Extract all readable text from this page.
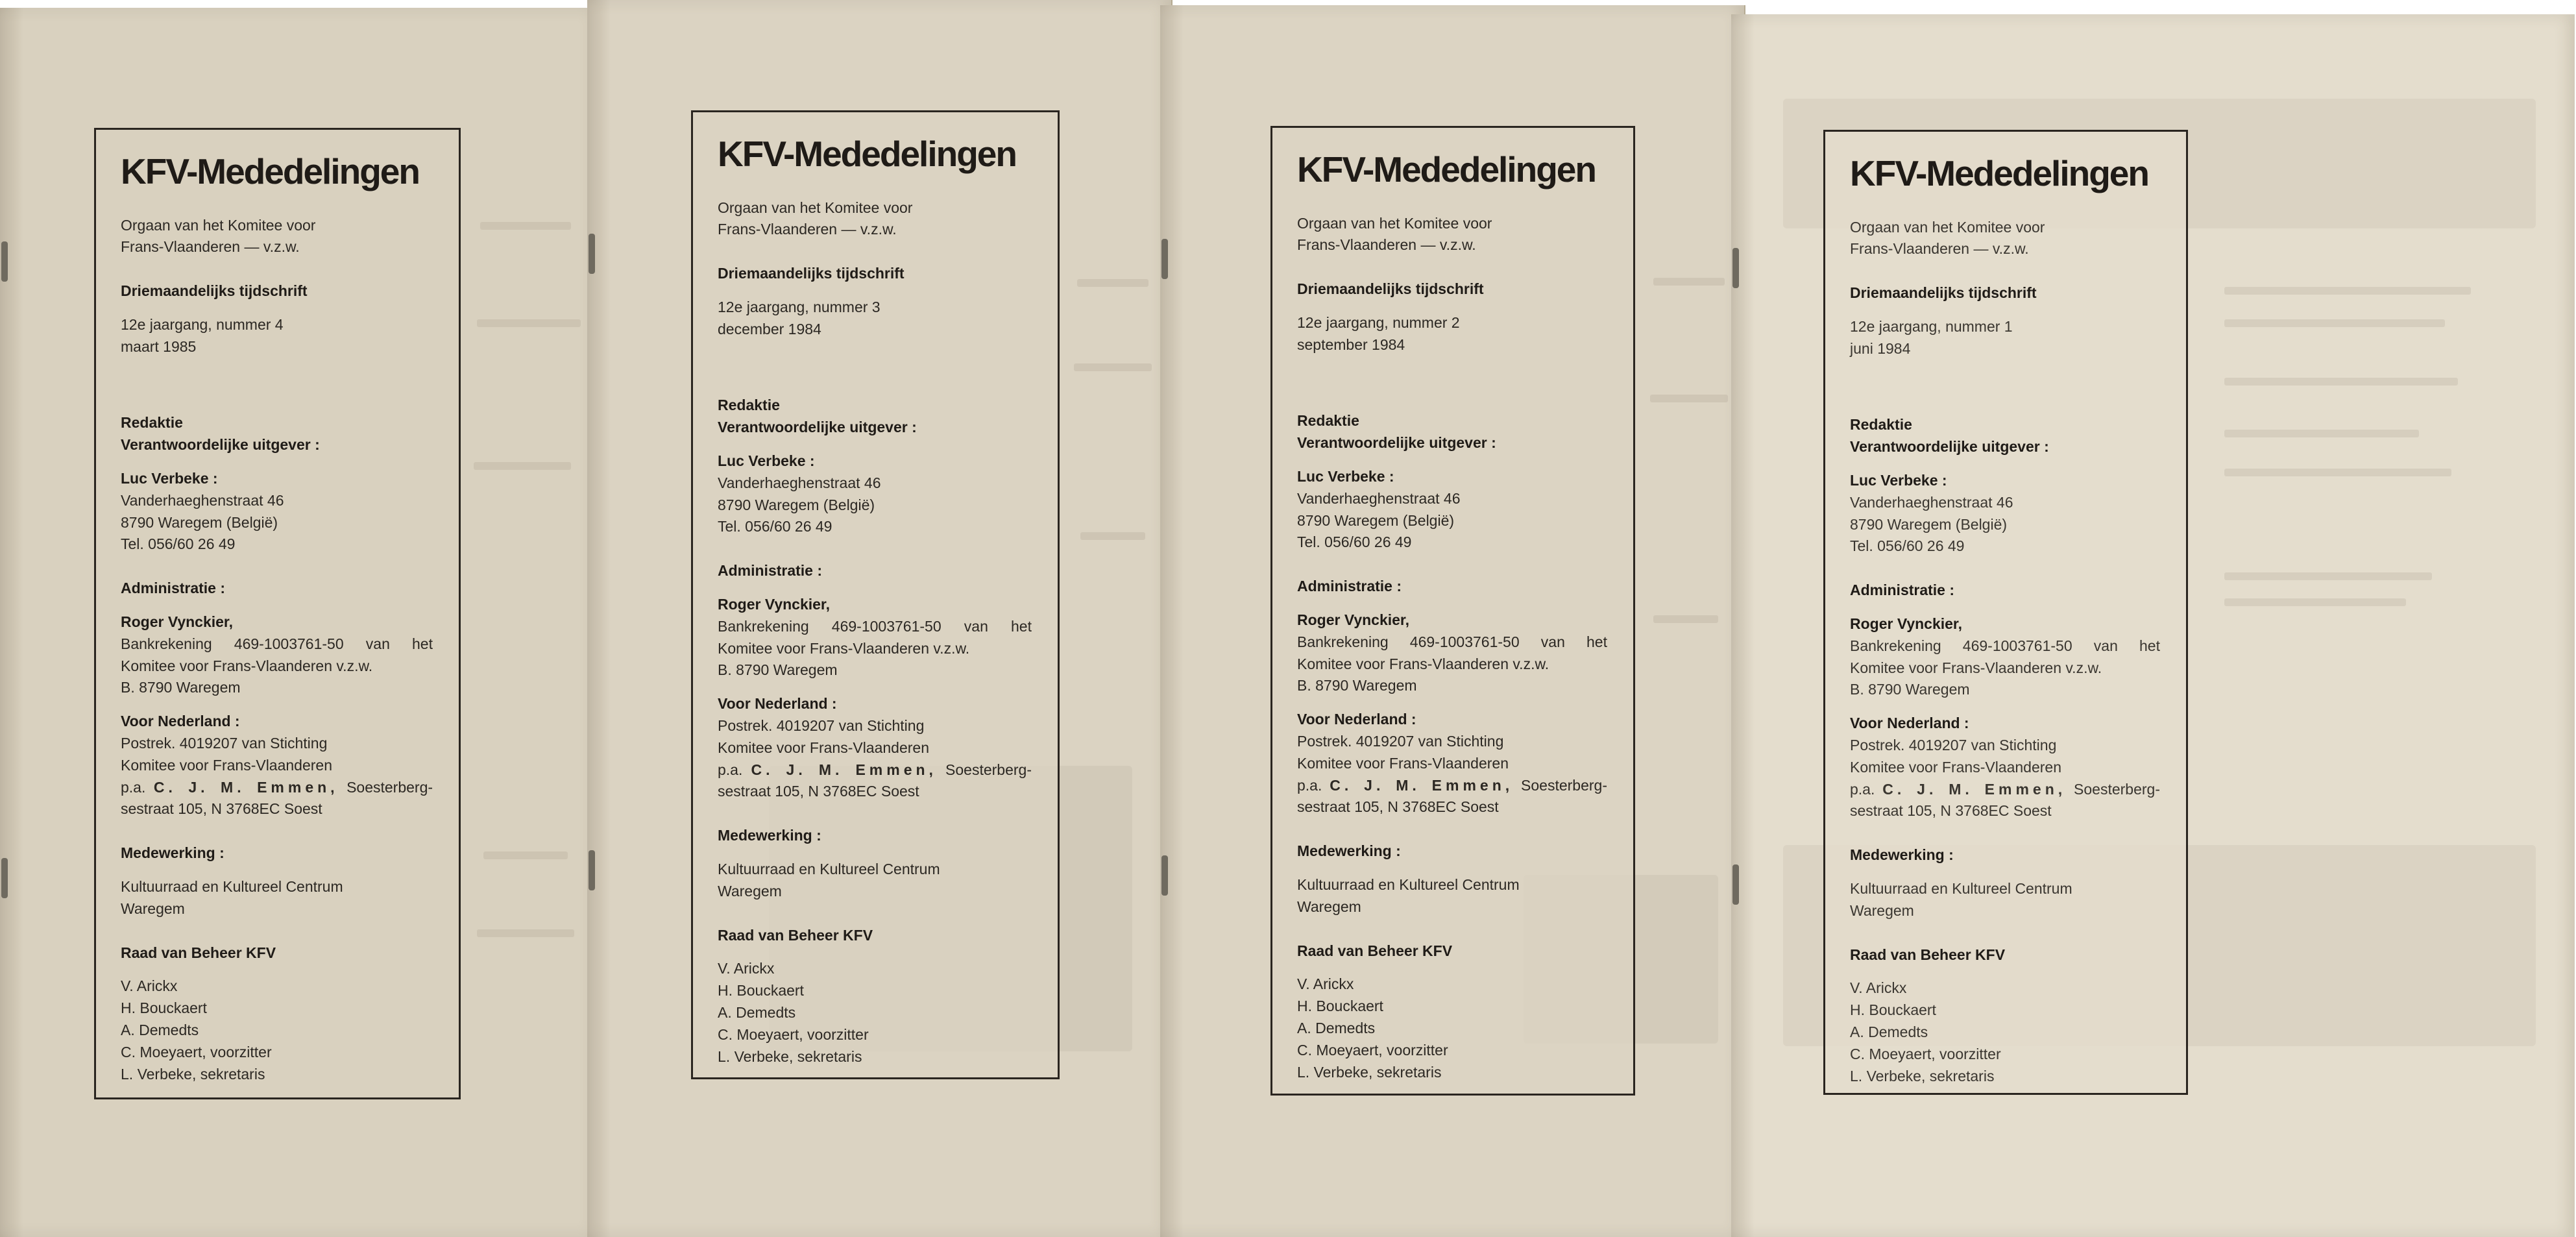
KFV-Mededelingen

Orgaan van het Komitee voor

Frans-Vlaanderen — v.z.w.

Driemaandelijks tijdschrift

12e jaargang, nummer 4

maart 1985

Redaktie

Verantwoordelijke uitgever :

Luc Verbeke :

Vanderhaeghenstraat 46

8790 Waregem (België)

Tel. 056/60 26 49

Administratie :

Roger Vynckier,

Bankrekening 469-1003761-50 van het

Komitee voor Frans-Vlaanderen v.z.w.

B. 8790 Waregem

Voor Nederland :

Postrek. 4019207 van Stichting

Komitee voor Frans-Vlaanderen

p.a. C. J. M. Emmen, Soesterberg-

sestraat 105, N 3768EC Soest

Medewerking :

Kultuurraad en Kultureel Centrum

Waregem

Raad van Beheer KFV

V. Arickx

H. Bouckaert

A. Demedts

C. Moeyaert, voorzitter

L. Verbeke, sekretaris

KFV-Mededelingen

Orgaan van het Komitee voor

Frans-Vlaanderen — v.z.w.

Driemaandelijks tijdschrift

12e jaargang, nummer 3

december 1984

Redaktie

Verantwoordelijke uitgever :

Luc Verbeke :

Vanderhaeghenstraat 46

8790 Waregem (België)

Tel. 056/60 26 49

Administratie :

Roger Vynckier,

Bankrekening 469-1003761-50 van het

Komitee voor Frans-Vlaanderen v.z.w.

B. 8790 Waregem

Voor Nederland :

Postrek. 4019207 van Stichting

Komitee voor Frans-Vlaanderen

p.a. C. J. M. Emmen, Soesterberg-

sestraat 105, N 3768EC Soest

Medewerking :

Kultuurraad en Kultureel Centrum

Waregem

Raad van Beheer KFV

V. Arickx

H. Bouckaert

A. Demedts

C. Moeyaert, voorzitter

L. Verbeke, sekretaris

KFV-Mededelingen

Orgaan van het Komitee voor

Frans-Vlaanderen — v.z.w.

Driemaandelijks tijdschrift

12e jaargang, nummer 2

september 1984

Redaktie

Verantwoordelijke uitgever :

Luc Verbeke :

Vanderhaeghenstraat 46

8790 Waregem (België)

Tel. 056/60 26 49

Administratie :

Roger Vynckier,

Bankrekening 469-1003761-50 van het

Komitee voor Frans-Vlaanderen v.z.w.

B. 8790 Waregem

Voor Nederland :

Postrek. 4019207 van Stichting

Komitee voor Frans-Vlaanderen

p.a. C. J. M. Emmen, Soesterberg-

sestraat 105, N 3768EC Soest

Medewerking :

Kultuurraad en Kultureel Centrum

Waregem

Raad van Beheer KFV

V. Arickx

H. Bouckaert

A. Demedts

C. Moeyaert, voorzitter

L. Verbeke, sekretaris

KFV-Mededelingen

Orgaan van het Komitee voor

Frans-Vlaanderen — v.z.w.

Driemaandelijks tijdschrift

12e jaargang, nummer 1

juni 1984

Redaktie

Verantwoordelijke uitgever :

Luc Verbeke :

Vanderhaeghenstraat 46

8790 Waregem (België)

Tel. 056/60 26 49

Administratie :

Roger Vynckier,

Bankrekening 469-1003761-50 van het

Komitee voor Frans-Vlaanderen v.z.w.

B. 8790 Waregem

Voor Nederland :

Postrek. 4019207 van Stichting

Komitee voor Frans-Vlaanderen

p.a. C. J. M. Emmen, Soesterberg-

sestraat 105, N 3768EC Soest

Medewerking :

Kultuurraad en Kultureel Centrum

Waregem

Raad van Beheer KFV

V. Arickx

H. Bouckaert

A. Demedts

C. Moeyaert, voorzitter

L. Verbeke, sekretaris
